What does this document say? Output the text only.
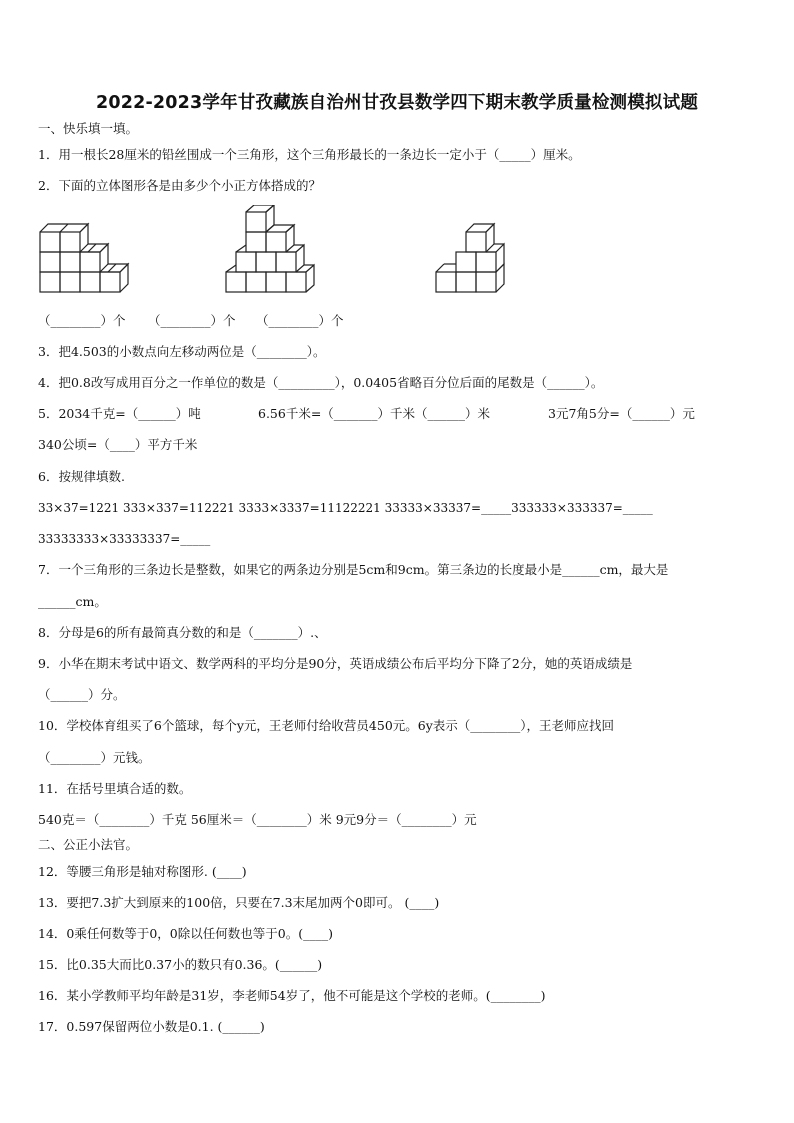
2022-2023学年甘孜藏族自治州甘孜县数学四下期末教学质量检测模拟试题
一、快乐填一填。
1．用一根长28厘米的铅丝围成一个三角形，这个三角形最长的一条边长一定小于（_____）厘米。
2．下面的立体图形各是由多少个小正方体搭成的？
（________）个 （________）个 （________）个
3．把4.503的小数点向左移动两位是（________）。
4．把0.8改写成用百分之一作单位的数是（_________），0.0405省略百分位后面的尾数是（______）。
5．2034千克=（______）吨	6.56千米=（_______）千米（______）米	3元7角5分=（______）元
340公顷=（____）平方千米
6．按规律填数.
33×37=1221 333×337=112221 3333×3337=11122221 33333×33337=_____333333×333337=_____
33333333×33333337=_____
7．一个三角形的三条边长是整数，如果它的两条边分别是5cm和9cm。第三条边的长度最小是______cm，最大是
______cm。
8．分母是6的所有最简真分数的和是（_______）.、
9．小华在期末考试中语文、数学两科的平均分是90分，英语成绩公布后平均分下降了2分，她的英语成绩是
（______）分。
10．学校体育组买了6个篮球，每个y元，王老师付给收营员450元。6y表示（________），王老师应找回
（________）元钱。
11．在括号里填合适的数。
540克＝（________）千克 56厘米＝（________）米 9元9分＝（________）元
二、公正小法官。
12．等腰三角形是轴对称图形. (____)
13．要把7.3扩大到原来的100倍，只要在7.3末尾加两个0即可。 (____)
14．0乘任何数等于0，0除以任何数也等于0。(____)
15．比0.35大而比0.37小的数只有0.36。(______)
16．某小学教师平均年龄是31岁，李老师54岁了，他不可能是这个学校的老师。(________)
17．0.597保留两位小数是0.1. (______)
